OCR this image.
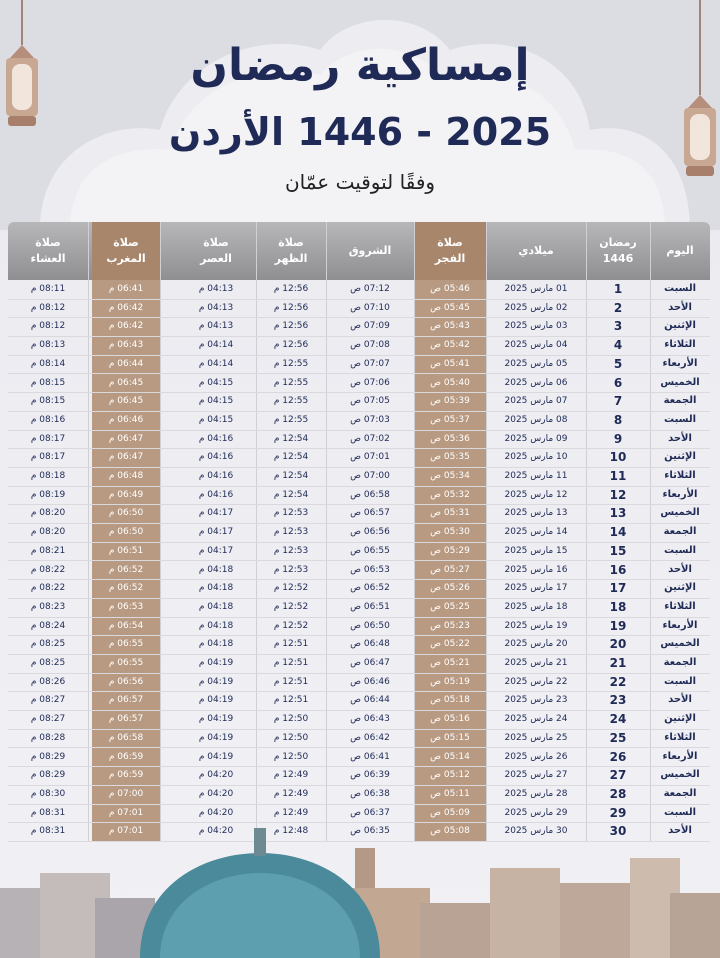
إمساكية رمضان
2025 - 1446 الأردن

وفقًا لتوقيت عمّان

اليوم
رمضان
1446
ميلادي
صلاة
الفجر
الشروق
صلاة
الظهر
صلاة
العصر
صلاة
المغرب
صلاة
العشاء
السبت
1
01 مارس 2025
05:46 ص
07:12 ص
12:56 م
04:13 م
06:41 م
08:11 م
الأحد
2
02 مارس 2025
05:45 ص
07:10 ص
12:56 م
04:13 م
06:42 م
08:12 م
الإثنين
3
03 مارس 2025
05:43 ص
07:09 ص
12:56 م
04:13 م
06:42 م
08:12 م
الثلاثاء
4
04 مارس 2025
05:42 ص
07:08 ص
12:56 م
04:14 م
06:43 م
08:13 م
الأربعاء
5
05 مارس 2025
05:41 ص
07:07 ص
12:55 م
04:14 م
06:44 م
08:14 م
الخميس
6
06 مارس 2025
05:40 ص
07:06 ص
12:55 م
04:15 م
06:45 م
08:15 م
الجمعة
7
07 مارس 2025
05:39 ص
07:05 ص
12:55 م
04:15 م
06:45 م
08:15 م
السبت
8
08 مارس 2025
05:37 ص
07:03 ص
12:55 م
04:15 م
06:46 م
08:16 م
الأحد
9
09 مارس 2025
05:36 ص
07:02 ص
12:54 م
04:16 م
06:47 م
08:17 م
الإثنين
10
10 مارس 2025
05:35 ص
07:01 ص
12:54 م
04:16 م
06:47 م
08:17 م
الثلاثاء
11
11 مارس 2025
05:34 ص
07:00 ص
12:54 م
04:16 م
06:48 م
08:18 م
الأربعاء
12
12 مارس 2025
05:32 ص
06:58 ص
12:54 م
04:16 م
06:49 م
08:19 م
الخميس
13
13 مارس 2025
05:31 ص
06:57 ص
12:53 م
04:17 م
06:50 م
08:20 م
الجمعة
14
14 مارس 2025
05:30 ص
06:56 ص
12:53 م
04:17 م
06:50 م
08:20 م
السبت
15
15 مارس 2025
05:29 ص
06:55 ص
12:53 م
04:17 م
06:51 م
08:21 م
الأحد
16
16 مارس 2025
05:27 ص
06:53 ص
12:53 م
04:18 م
06:52 م
08:22 م
الإثنين
17
17 مارس 2025
05:26 ص
06:52 ص
12:52 م
04:18 م
06:52 م
08:22 م
الثلاثاء
18
18 مارس 2025
05:25 ص
06:51 ص
12:52 م
04:18 م
06:53 م
08:23 م
الأربعاء
19
19 مارس 2025
05:23 ص
06:50 ص
12:52 م
04:18 م
06:54 م
08:24 م
الخميس
20
20 مارس 2025
05:22 ص
06:48 ص
12:51 م
04:18 م
06:55 م
08:25 م
الجمعة
21
21 مارس 2025
05:21 ص
06:47 ص
12:51 م
04:19 م
06:55 م
08:25 م
السبت
22
22 مارس 2025
05:19 ص
06:46 ص
12:51 م
04:19 م
06:56 م
08:26 م
الأحد
23
23 مارس 2025
05:18 ص
06:44 ص
12:51 م
04:19 م
06:57 م
08:27 م
الإثنين
24
24 مارس 2025
05:16 ص
06:43 ص
12:50 م
04:19 م
06:57 م
08:27 م
الثلاثاء
25
25 مارس 2025
05:15 ص
06:42 ص
12:50 م
04:19 م
06:58 م
08:28 م
الأربعاء
26
26 مارس 2025
05:14 ص
06:41 ص
12:50 م
04:19 م
06:59 م
08:29 م
الخميس
27
27 مارس 2025
05:12 ص
06:39 ص
12:49 م
04:20 م
06:59 م
08:29 م
الجمعة
28
28 مارس 2025
05:11 ص
06:38 ص
12:49 م
04:20 م
07:00 م
08:30 م
السبت
29
29 مارس 2025
05:09 ص
06:37 ص
12:49 م
04:20 م
07:01 م
08:31 م
الأحد
30
30 مارس 2025
05:08 ص
06:35 ص
12:48 م
04:20 م
07:01 م
08:31 م
